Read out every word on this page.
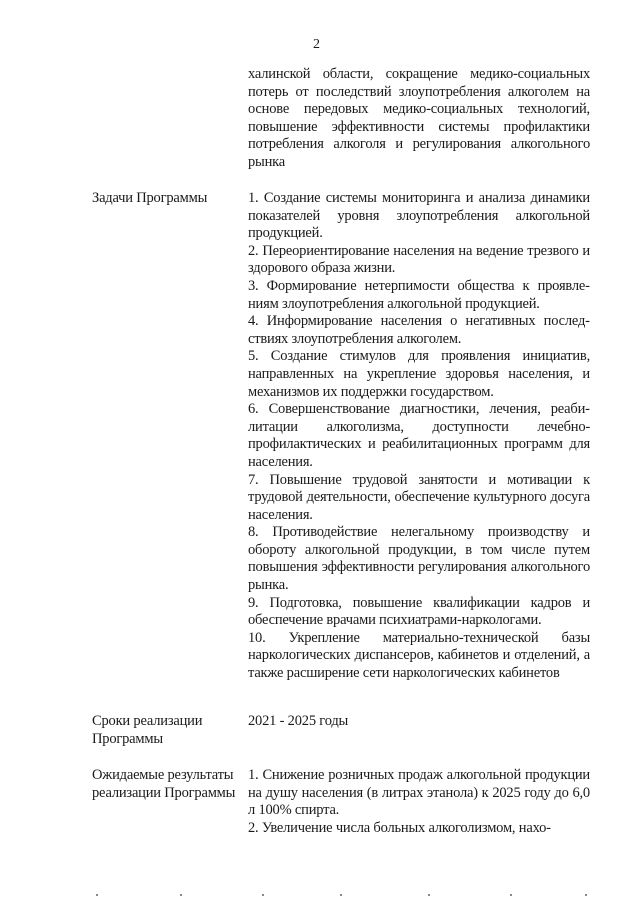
2

халинской области, сокращение медико-социальных потерь от последствий злоупотребления алкоголем на основе передовых медико-социальных технологий, повышение эффективности системы профилактики потребления алкоголя и регулирования алкогольного рынка

Задачи Программы	1. Создание системы мониторинга и анализа динамики показателей уровня злоупотребления алкогольной продукцией.

2. Переориентирование населения на ведение трезвого и здорового образа жизни.

3. Формирование нетерпимости общества к проявлениям злоупотребления алкогольной продукцией.

4. Информирование населения о негативных последствиях злоупотребления алкоголем.

5. Создание стимулов для проявления инициатив, направленных на укрепление здоровья населения, и механизмов их поддержки государством.

6. Совершенствование диагностики, лечения, реабилитации алкоголизма, доступности лечебно-профилактических и реабилитационных программ для населения.

7. Повышение трудовой занятости и мотивации к трудовой деятельности, обеспечение культурного досуга населения.

8. Противодействие нелегальному производству и обороту алкогольной продукции, в том числе путем повышения эффективности регулирования алкогольного рынка.

9. Подготовка, повышение квалификации кадров и обеспечение врачами психиатрами-наркологами.

10. Укрепление материально-технической базы наркологических диспансеров, кабинетов и отделений, а также расширение сети наркологических кабинетов

Сроки реализации Программы
2021 - 2025 годы
Ожидаемые результаты реализации Программы

1. Снижение розничных продаж алкогольной продукции на душу населения (в литрах этанола) к 2025 году до 6,0 л 100% спирта.

2. Увеличение числа больных алкоголизмом, нахо-
